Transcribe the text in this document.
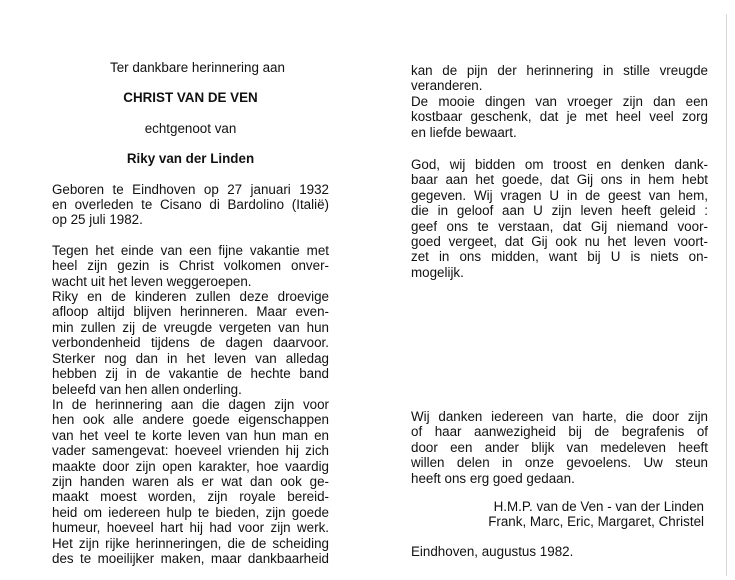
Ter dankbare herinnering aan
CHRIST VAN DE VEN
echtgenoot van
Riky van der Linden
Geboren te Eindhoven op 27 januari 1932
en overleden te Cisano di Bardolino (Italië)
op 25 juli 1982.
Tegen het einde van een fijne vakantie met
heel zijn gezin is Christ volkomen onver-
wacht uit het leven weggeroepen.
Riky en de kinderen zullen deze droevige
afloop altijd blijven herinneren. Maar even-
min zullen zij de vreugde vergeten van hun
verbondenheid tijdens de dagen daarvoor.
Sterker nog dan in het leven van alledag
hebben zij in de vakantie de hechte band
beleefd van hen allen onderling.
In de herinnering aan die dagen zijn voor
hen ook alle andere goede eigenschappen
van het veel te korte leven van hun man en
vader samengevat: hoeveel vrienden hij zich
maakte door zijn open karakter, hoe vaardig
zijn handen waren als er wat dan ook ge-
maakt moest worden, zijn royale bereid-
heid om iedereen hulp te bieden, zijn goede
humeur, hoeveel hart hij had voor zijn werk.
Het zijn rijke herinneringen, die de scheiding
des te moeilijker maken, maar dankbaarheid
kan de pijn der herinnering in stille vreugde
veranderen.
De mooie dingen van vroeger zijn dan een
kostbaar geschenk, dat je met heel veel zorg
en liefde bewaart.
God, wij bidden om troost en denken dank-
baar aan het goede, dat Gij ons in hem hebt
gegeven. Wij vragen U in de geest van hem,
die in geloof aan U zijn leven heeft geleid :
geef ons te verstaan, dat Gij niemand voor-
goed vergeet, dat Gij ook nu het leven voort-
zet in ons midden, want bij U is niets on-
mogelijk.
Wij danken iedereen van harte, die door zijn
of haar aanwezigheid bij de begrafenis of
door een ander blijk van medeleven heeft
willen delen in onze gevoelens. Uw steun
heeft ons erg goed gedaan.
H.M.P. van de Ven - van der Linden
Frank, Marc, Eric, Margaret, Christel
Eindhoven, augustus 1982.
